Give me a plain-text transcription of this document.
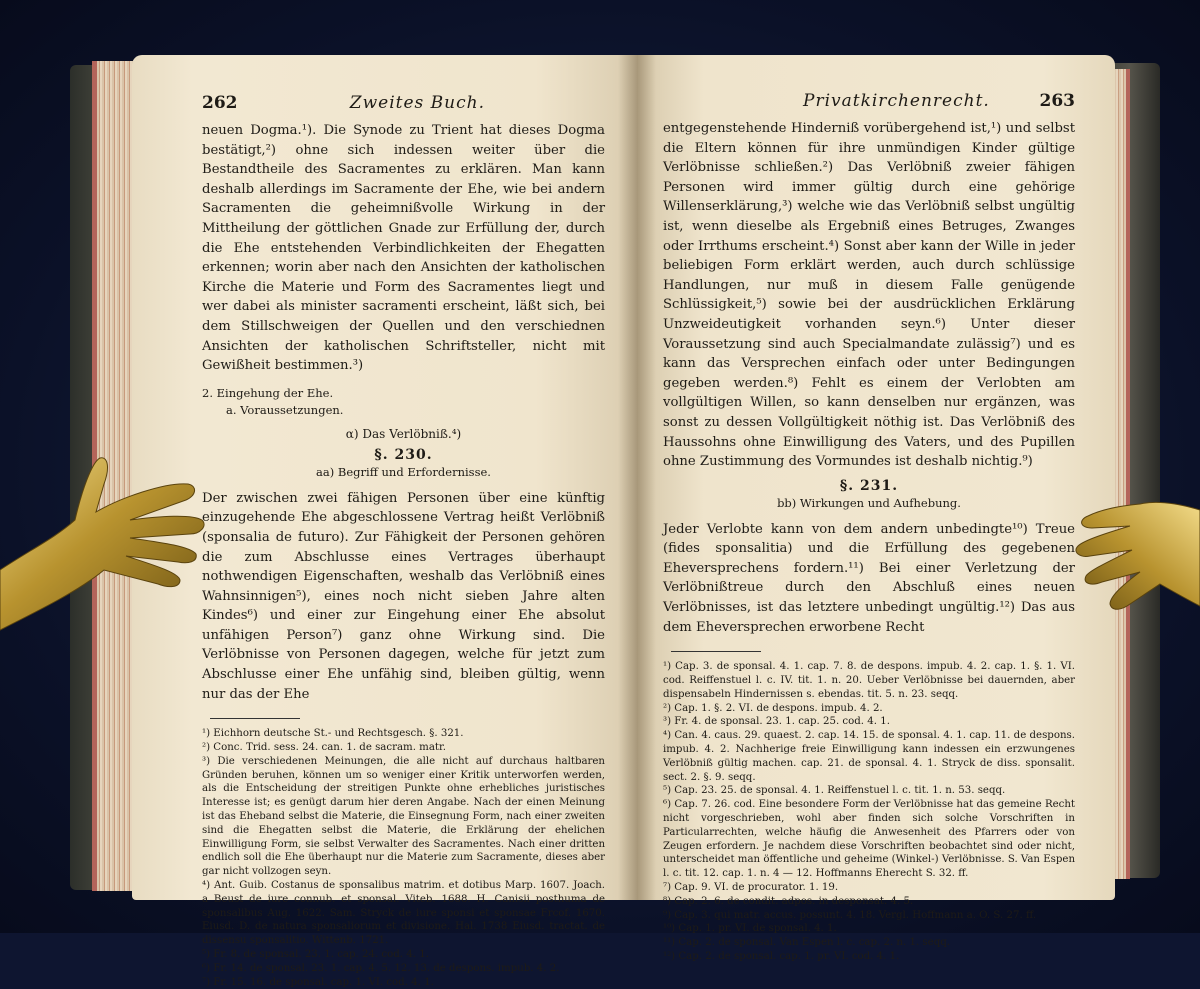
262	Zweites Buch.

neuen Dogma.¹). Die Synode zu Trient hat dieses Dogma bestätigt,²) ohne sich indessen weiter über die Bestandtheile des Sacramentes zu erklären. Man kann deshalb allerdings im Sacramente der Ehe, wie bei andern Sacramenten die geheimnißvolle Wirkung in der Mittheilung der göttlichen Gnade zur Erfüllung der, durch die Ehe entstehenden Verbindlichkeiten der Ehegatten erkennen; worin aber nach den Ansichten der katholischen Kirche die Materie und Form des Sacramentes liegt und wer dabei als minister sacramenti erscheint, läßt sich, bei dem Stillschweigen der Quellen und den verschiednen Ansichten der katholischen Schriftsteller, nicht mit Gewißheit bestimmen.³)

2. Eingehung der Ehe.
a. Voraussetzungen.
α) Das Verlöbniß.⁴)
§. 230.
aa) Begriff und Erfordernisse.

Der zwischen zwei fähigen Personen über eine künftig einzugehende Ehe abgeschlossene Vertrag heißt Verlöbniß (sponsalia de futuro). Zur Fähigkeit der Personen gehören die zum Abschlusse eines Vertrages überhaupt nothwendigen Eigenschaften, weshalb das Verlöbniß eines Wahnsinnigen⁵), eines noch nicht sieben Jahre alten Kindes⁶) und einer zur Eingehung einer Ehe absolut unfähigen Person⁷) ganz ohne Wirkung sind. Die Verlöbnisse von Personen dagegen, welche für jetzt zum Abschlusse einer Ehe unfähig sind, bleiben gültig, wenn nur das der Ehe

¹) Eichhorn deutsche St.- und Rechtsgesch. §. 321.

²) Conc. Trid. sess. 24. can. 1. de sacram. matr.

³) Die verschiedenen Meinungen, die alle nicht auf durchaus haltbaren Gründen beruhen, können um so weniger einer Kritik unterworfen werden, als die Entscheidung der streitigen Punkte ohne erhebliches juristisches Interesse ist; es genügt darum hier deren Angabe. Nach der einen Meinung ist das Eheband selbst die Materie, die Einsegnung Form, nach einer zweiten sind die Ehegatten selbst die Materie, die Erklärung der ehelichen Einwilligung Form, sie selbst Verwalter des Sacramentes. Nach einer dritten endlich soll die Ehe überhaupt nur die Materie zum Sacramente, dieses aber gar nicht vollzogen seyn.

⁴) Ant. Guib. Costanus de sponsalibus matrim. et dotibus Marp. 1607. Joach. a Beust de iure connub. et sponsal. Viteb. 1688. H. Canisii posthuma de sponsalibus Aug. 1622. Sam. Stryck de iure sponsi et sponsae Frcof. 1670. Eiusd. D. de natura sponsaliorum et divisione. Hal. 1738 Eiusd. tractat. de dissensu sponsalitio. Wittenb. 1721.

⁵) Fr. 8. de sponsal. 23. 1. cap. 24. cod. 4. 1.

⁶) Fr. 14. de sponsal. 23. 1. cap. 4. 5. 12. 13. de despons. impub. 4. 2.

⁷) Fr. 15. 16. de sponsal. cap. 1. VI. cod. 4. 1.

Privatkirchenrecht.	263

entgegenstehende Hinderniß vorübergehend ist,¹) und selbst die Eltern können für ihre unmündigen Kinder gültige Verlöbnisse schließen.²) Das Verlöbniß zweier fähigen Personen wird immer gültig durch eine gehörige Willenserklärung,³) welche wie das Verlöbniß selbst ungültig ist, wenn dieselbe als Ergebniß eines Betruges, Zwanges oder Irrthums erscheint.⁴) Sonst aber kann der Wille in jeder beliebigen Form erklärt werden, auch durch schlüssige Handlungen, nur muß in diesem Falle genügende Schlüssigkeit,⁵) sowie bei der ausdrücklichen Erklärung Unzweideutigkeit vorhanden seyn.⁶) Unter dieser Voraussetzung sind auch Specialmandate zulässig⁷) und es kann das Versprechen einfach oder unter Bedingungen gegeben werden.⁸) Fehlt es einem der Verlobten am vollgültigen Willen, so kann denselben nur ergänzen, was sonst zu dessen Vollgültigkeit nöthig ist. Das Verlöbniß des Haussohns ohne Einwilligung des Vaters, und des Pupillen ohne Zustimmung des Vormundes ist deshalb nichtig.⁹)

§. 231.
bb) Wirkungen und Aufhebung.

Jeder Verlobte kann von dem andern unbedingte¹⁰) Treue (fides sponsalitia) und die Erfüllung des gegebenen Eheversprechens fordern.¹¹) Bei einer Verletzung der Verlöbnißtreue durch den Abschluß eines neuen Verlöbnisses, ist das letztere unbedingt ungültig.¹²) Das aus dem Eheversprechen erworbene Recht

¹) Cap. 3. de sponsal. 4. 1. cap. 7. 8. de despons. impub. 4. 2. cap. 1. §. 1. VI. cod. Reiffenstuel l. c. IV. tit. 1. n. 20. Ueber Verlöbnisse bei dauernden, aber dispensabeln Hindernissen s. ebendas. tit. 5. n. 23. seqq.

²) Cap. 1. §. 2. VI. de despons. impub. 4. 2.

³) Fr. 4. de sponsal. 23. 1. cap. 25. cod. 4. 1.

⁴) Can. 4. caus. 29. quaest. 2. cap. 14. 15. de sponsal. 4. 1. cap. 11. de despons. impub. 4. 2. Nachherige freie Einwilligung kann indessen ein erzwungenes Verlöbniß gültig machen. cap. 21. de sponsal. 4. 1. Stryck de diss. sponsalit. sect. 2. §. 9. seqq.

⁵) Cap. 23. 25. de sponsal. 4. 1. Reiffenstuel l. c. tit. 1. n. 53. seqq.

⁶) Cap. 7. 26. cod. Eine besondere Form der Verlöbnisse hat das gemeine Recht nicht vorgeschrieben, wohl aber finden sich solche Vorschriften in Particularrechten, welche häufig die Anwesenheit des Pfarrers oder von Zeugen erfordern. Je nachdem diese Vorschriften beobachtet sind oder nicht, unterscheidet man öffentliche und geheime (Winkel-) Verlöbnisse. S. Van Espen l. c. tit. 12. cap. 1. n. 4 — 12. Hoffmanns Eherecht S. 32. ff.

⁷) Cap. 9. VI. de procurator. 1. 19.

⁸) Cap. 2. 6. de condit. adpos. in desponsat. 4. 5.

⁹) Cap. 3. qui matr. accus. possunt. 4. 18. Vergl. Hoffmann a. O. S. 27. ff.

¹⁰) Cap. 1. pr. VI. de sponsal. 4. 1.

¹¹) Cap. 2. de sponsal. Van Espen l. c. cap. 2. n. 1. seqq.

¹²) Cap. 2. de sponsal. cap. 1. pr. VI. cod. 4. 1.
